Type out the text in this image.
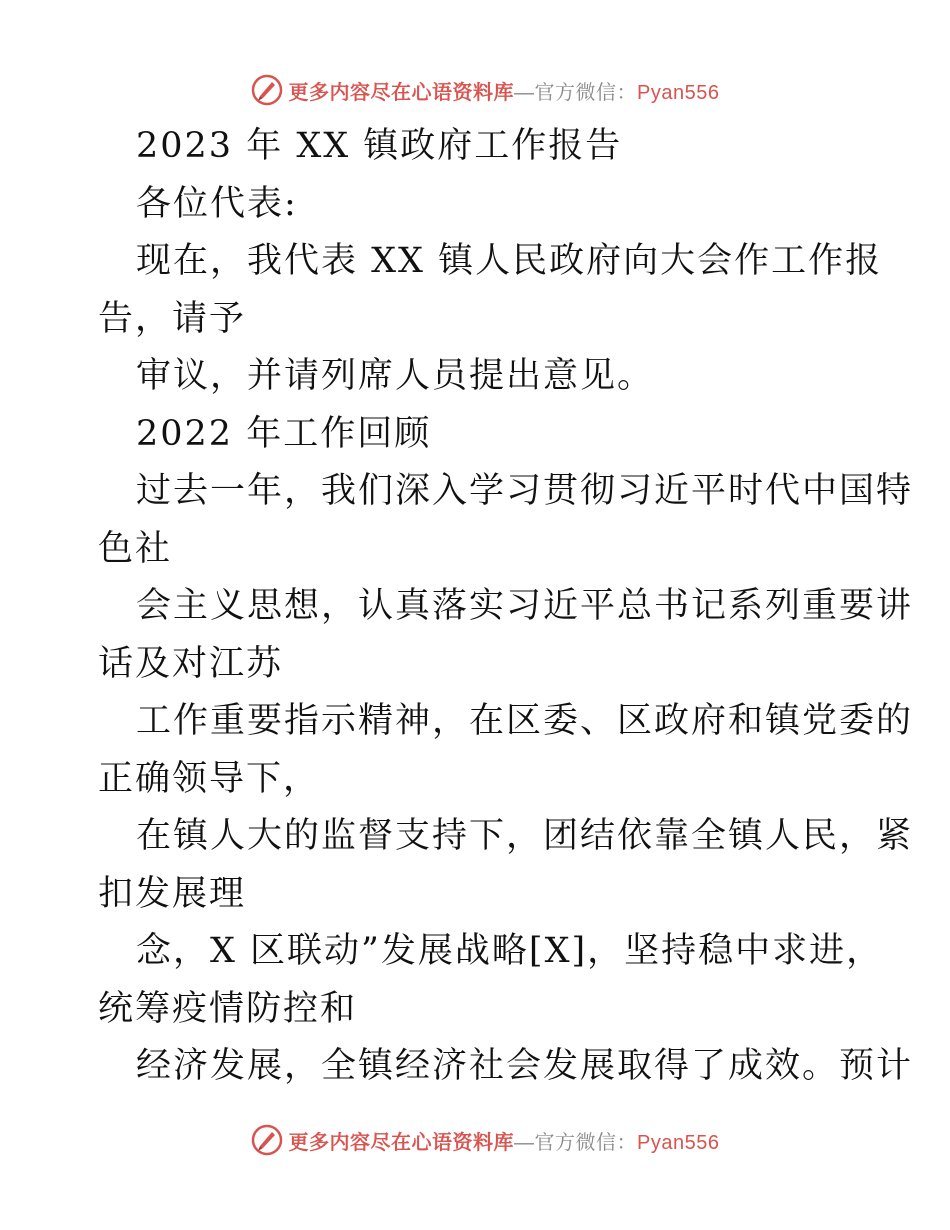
更多内容尽在心语资料库—官方微信：Pyan556
2023 年 XX 镇政府工作报告
各位代表:
现在，我代表 XX 镇人民政府向大会作工作报
告，请予
审议，并请列席人员提出意见。
2022 年工作回顾
过去一年，我们深入学习贯彻习近平时代中国特
色社
会主义思想，认真落实习近平总书记系列重要讲
话及对江苏
工作重要指示精神，在区委、区政府和镇党委的
正确领导下，
在镇人大的监督支持下，团结依靠全镇人民，紧
扣发展理
念，X 区联动”发展战略[X]，坚持稳中求进，
统筹疫情防控和
经济发展，全镇经济社会发展取得了成效。预计
更多内容尽在心语资料库—官方微信：Pyan556
